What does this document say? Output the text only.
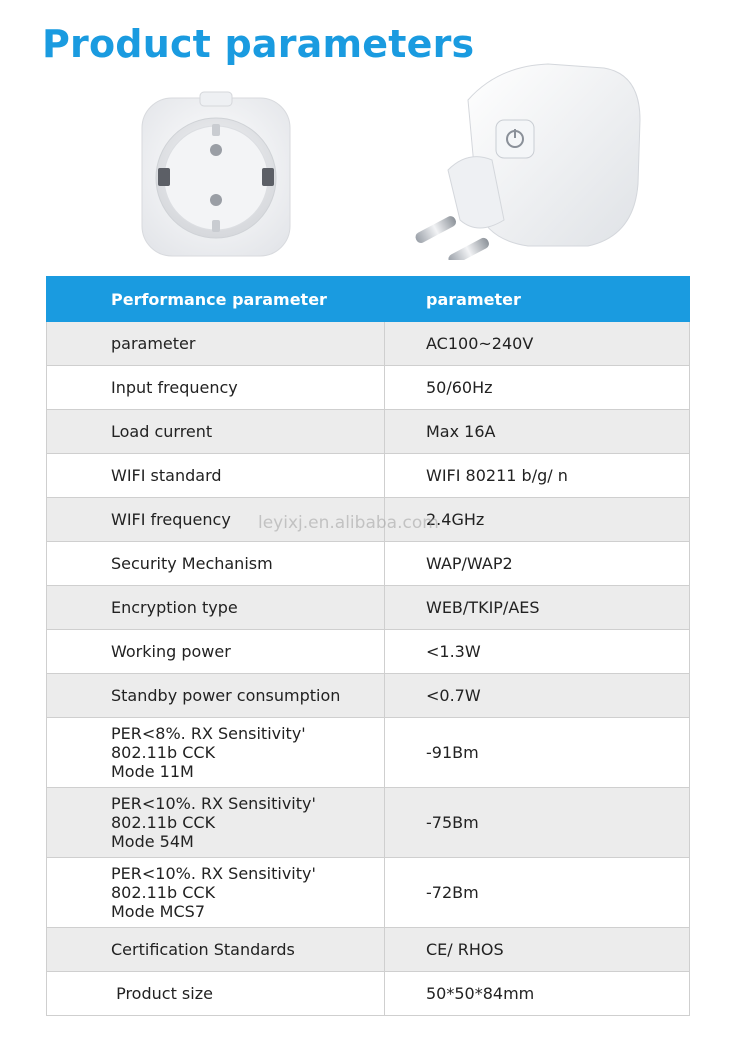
Product parameters
Performance parameter	parameter
parameter	AC100~240V
Input frequency	50/60Hz
Load current	Max 16A
WIFI standard	WIFI 80211 b/g/ n
WIFI frequency	2.4GHz
Security Mechanism	WAP/WAP2
Encryption type	WEB/TKIP/AES
Working power	<1.3W
Standby power consumption	<0.7W
PER<8%. RX Sensitivity'
802.11b CCK
Mode 11M	-91Bm
PER<10%. RX Sensitivity'
802.11b CCK
Mode 54M	-75Bm
PER<10%. RX Sensitivity'
802.11b CCK
Mode MCS7	-72Bm
Certification Standards	CE/ RHOS
Product size	50*50*84mm
leyixj.en.alibaba.com
